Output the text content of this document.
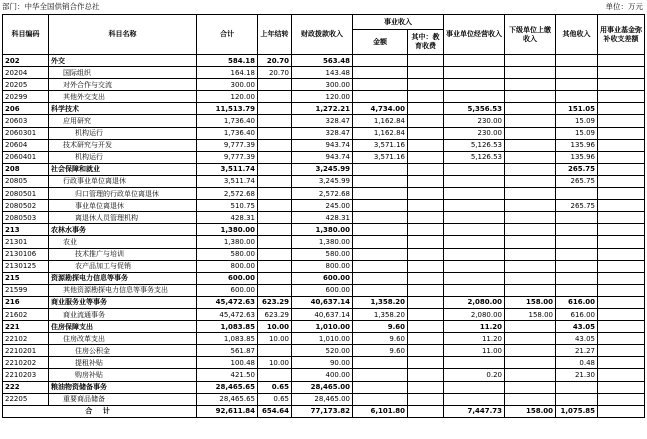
部门：中华全国供销合作总社	单位：万元
科目编码	科目名称	合计	上年结转	财政拨款收入	事业收入		事业单位经营收入	下级单位上缴收入	其他收入	用事业基金弥补收支差额
					金额	其中：教育收费				
202	外交	584.18	20.70	563.48						
20204	国际组织	164.18	20.70	143.48						
20205	对外合作与交流	300.00		300.00						
20299	其他外交支出	120.00		120.00						
206	科学技术	11,513.79		1,272.21	4,734.00		5,356.53		151.05	
20603	应用研究	1,736.40		328.47	1,162.84		230.00		15.09	
2060301	机构运行	1,736.40		328.47	1,162.84		230.00		15.09	
20604	技术研究与开发	9,777.39		943.74	3,571.16		5,126.53		135.96	
2060401	机构运行	9,777.39		943.74	3,571.16		5,126.53		135.96	
208	社会保障和就业	3,511.74		3,245.99					265.75	
20805	行政事业单位离退休	3,511.74		3,245.99					265.75	
2080501	归口管理的行政单位离退休	2,572.68		2,572.68						
2080502	事业单位离退休	510.75		245.00					265.75	
2080503	离退休人员管理机构	428.31		428.31						
213	农林水事务	1,380.00		1,380.00						
21301	农业	1,380.00		1,380.00						
2130106	技术推广与培训	580.00		580.00						
2130125	农产品加工与促销	800.00		800.00						
215	资源勘探电力信息等事务	600.00		600.00						
21599	其他资源勘探电力信息等事务支出	600.00		600.00						
216	商业服务业等事务	45,472.63	623.29	40,637.14	1,358.20		2,080.00	158.00	616.00	
21602	商业流通事务	45,472.63	623.29	40,637.14	1,358.20		2,080.00	158.00	616.00	
221	住房保障支出	1,083.85	10.00	1,010.00	9.60		11.20		43.05	
22102	住房改革支出	1,083.85	10.00	1,010.00	9.60		11.20		43.05	
2210201	住房公积金	561.87		520.00	9.60		11.00		21.27	
2210202	提租补贴	100.48	10.00	90.00					0.48	
2210203	购房补贴	421.50		400.00			0.20		21.30	
222	粮油物资储备事务	28,465.65	0.65	28,465.00						
22205	重要商品储备	28,465.65	0.65	28,465.00						
合 计		92,611.84	654.64	77,173.82	6,101.80		7,447.73	158.00	1,075.85	
